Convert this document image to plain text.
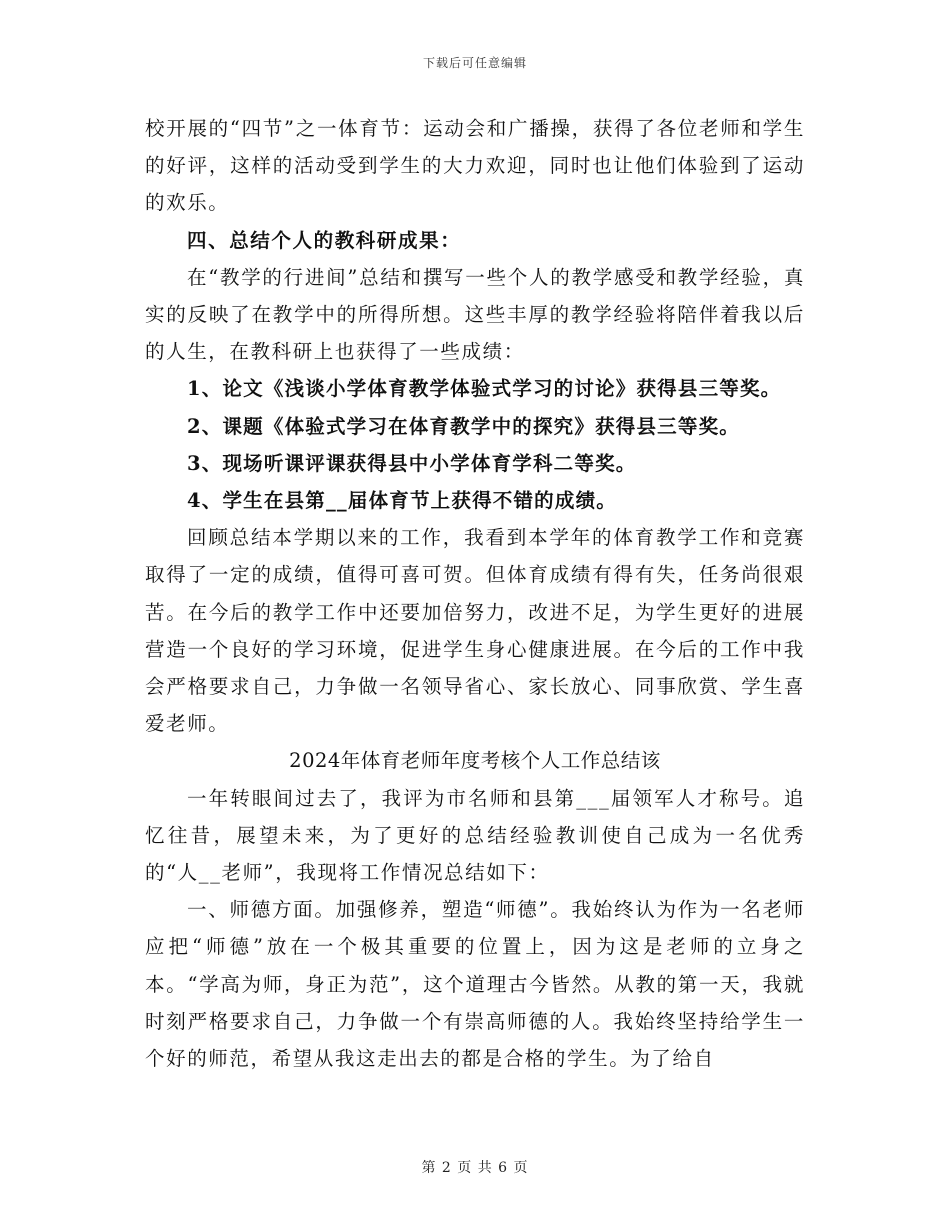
下载后可任意编辑

校开展的“四节”之一体育节：运动会和广播操，获得了各位老师和学生的好评，这样的活动受到学生的大力欢迎，同时也让他们体验到了运动的欢乐。

四、总结个人的教科研成果：

在“教学的行进间”总结和撰写一些个人的教学感受和教学经验，真实的反映了在教学中的所得所想。这些丰厚的教学经验将陪伴着我以后的人生，在教科研上也获得了一些成绩：

1、论文《浅谈小学体育教学体验式学习的讨论》获得县三等奖。

2、课题《体验式学习在体育教学中的探究》获得县三等奖。

3、现场听课评课获得县中小学体育学科二等奖。

4、学生在县第__届体育节上获得不错的成绩。

回顾总结本学期以来的工作，我看到本学年的体育教学工作和竞赛取得了一定的成绩，值得可喜可贺。但体育成绩有得有失，任务尚很艰苦。在今后的教学工作中还要加倍努力，改进不足，为学生更好的进展营造一个良好的学习环境，促进学生身心健康进展。在今后的工作中我会严格要求自己，力争做一名领导省心、家长放心、同事欣赏、学生喜爱老师。

2024年体育老师年度考核个人工作总结该

一年转眼间过去了，我评为市名师和县第___届领军人才称号。追忆往昔，展望未来，为了更好的总结经验教训使自己成为一名优秀的“人__老师”，我现将工作情况总结如下：

一、师德方面。加强修养，塑造“师德”。我始终认为作为一名老师应把“师德”放在一个极其重要的位置上，因为这是老师的立身之本。“学高为师，身正为范”，这个道理古今皆然。从教的第一天，我就时刻严格要求自己，力争做一个有崇高师德的人。我始终坚持给学生一个好的师范，希望从我这走出去的都是合格的学生。为了给自

第 2 页 共 6 页
